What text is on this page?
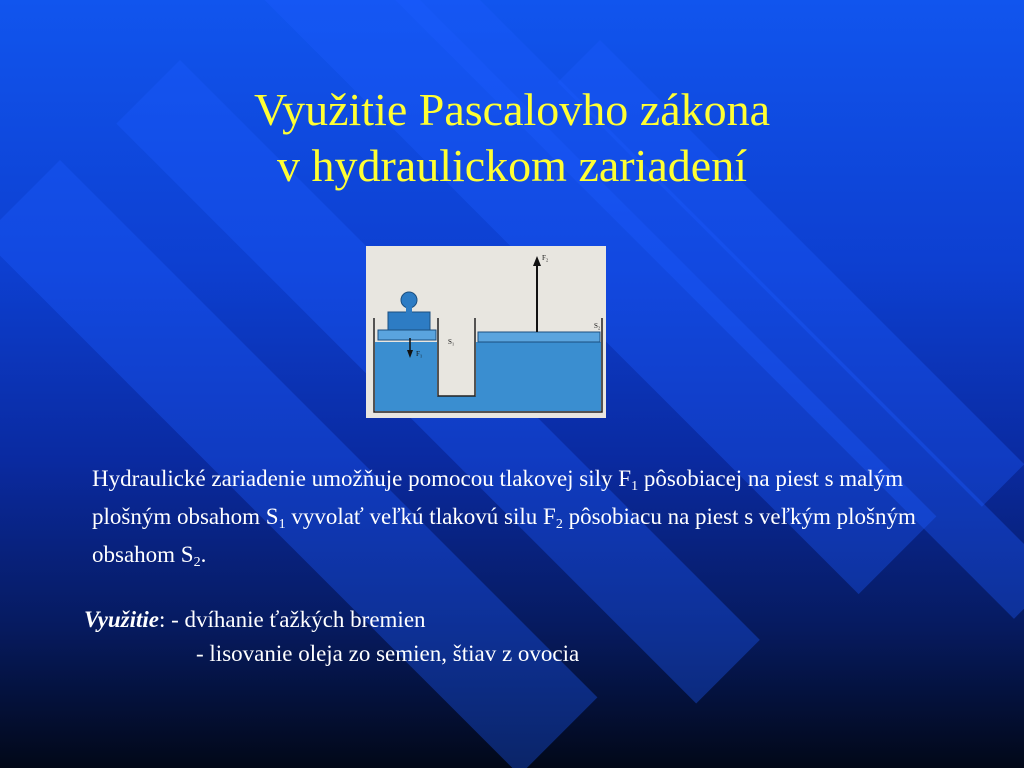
Využitie Pascalovho zákona
v hydraulickom zariadení
F₂
S₁
S₂
F₁
Hydraulické zariadenie umožňuje pomocou tlakovej sily $F_1$ pôsobiacej na piest s malým plošným obsahom $S_1$ vyvolať veľkú tlakovú silu $F_2$ pôsobiacu na piest s veľkým plošným obsahom $S_2$.
Využitie: - dvíhanie ťažkých bremien
- lisovanie oleja zo semien, štiav z ovocia
